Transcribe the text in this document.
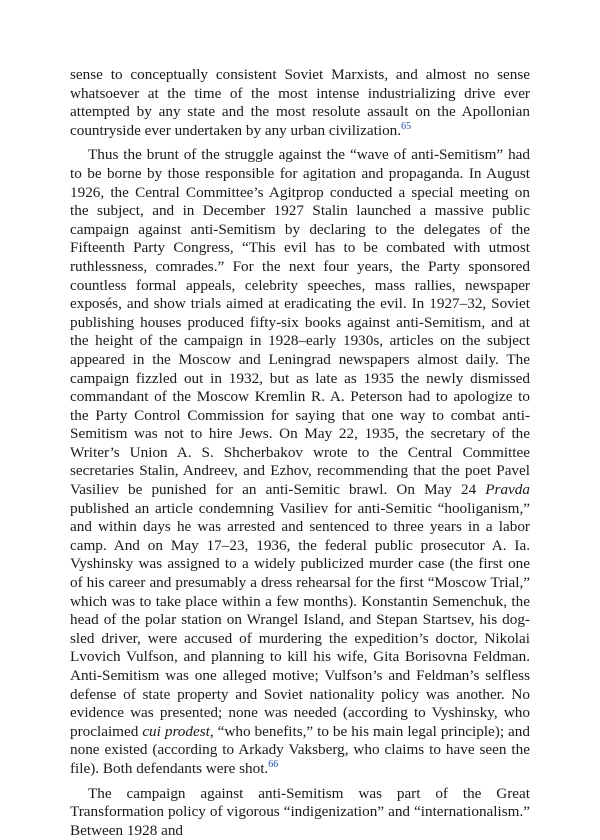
sense to conceptually consistent Soviet Marxists, and almost no sense whatsoever at the time of the most intense industrializing drive ever attempted by any state and the most resolute assault on the Apollonian countryside ever undertaken by any urban civilization.$^{65}$

Thus the brunt of the struggle against the “wave of anti-Semitism” had to be borne by those responsible for agitation and propaganda. In August 1926, the Central Committee’s Agitprop conducted a special meeting on the subject, and in December 1927 Stalin launched a massive public campaign against anti-Semitism by declaring to the delegates of the Fifteenth Party Congress, “This evil has to be combated with utmost ruthlessness, comrades.” For the next four years, the Party sponsored countless formal appeals, celebrity speeches, mass rallies, newspaper exposés, and show trials aimed at eradicating the evil. In 1927–32, Soviet publishing houses produced fifty-six books against anti-Semitism, and at the height of the campaign in 1928–early 1930s, articles on the subject appeared in the Moscow and Leningrad newspapers almost daily. The campaign fizzled out in 1932, but as late as 1935 the newly dismissed commandant of the Moscow Kremlin R. A. Peterson had to apologize to the Party Control Commission for saying that one way to combat anti-Semitism was not to hire Jews. On May 22, 1935, the secretary of the Writer’s Union A. S. Shcherbakov wrote to the Central Committee secretaries Stalin, Andreev, and Ezhov, recommending that the poet Pavel Vasiliev be punished for an anti-Semitic brawl. On May 24 Pravda published an article condemning Vasiliev for anti-Semitic “hooliganism,” and within days he was arrested and sentenced to three years in a labor camp. And on May 17–23, 1936, the federal public prosecutor A. Ia. Vyshinsky was assigned to a widely publicized murder case (the first one of his career and presumably a dress rehearsal for the first “Moscow Trial,” which was to take place within a few months). Konstantin Semenchuk, the head of the polar station on Wrangel Island, and Stepan Startsev, his dog-sled driver, were accused of murdering the expedition’s doctor, Nikolai Lvovich Vulfson, and planning to kill his wife, Gita Borisovna Feldman. Anti-Semitism was one alleged motive; Vulfson’s and Feldman’s selfless defense of state property and Soviet nationality policy was another. No evidence was presented; none was needed (according to Vyshinsky, who proclaimed cui prodest, “who benefits,” to be his main legal principle); and none existed (according to Arkady Vaksberg, who claims to have seen the file). Both defendants were shot.$^{66}$

The campaign against anti-Semitism was part of the Great Transformation policy of vigorous “indigenization” and “internationalism.” Between 1928 and
